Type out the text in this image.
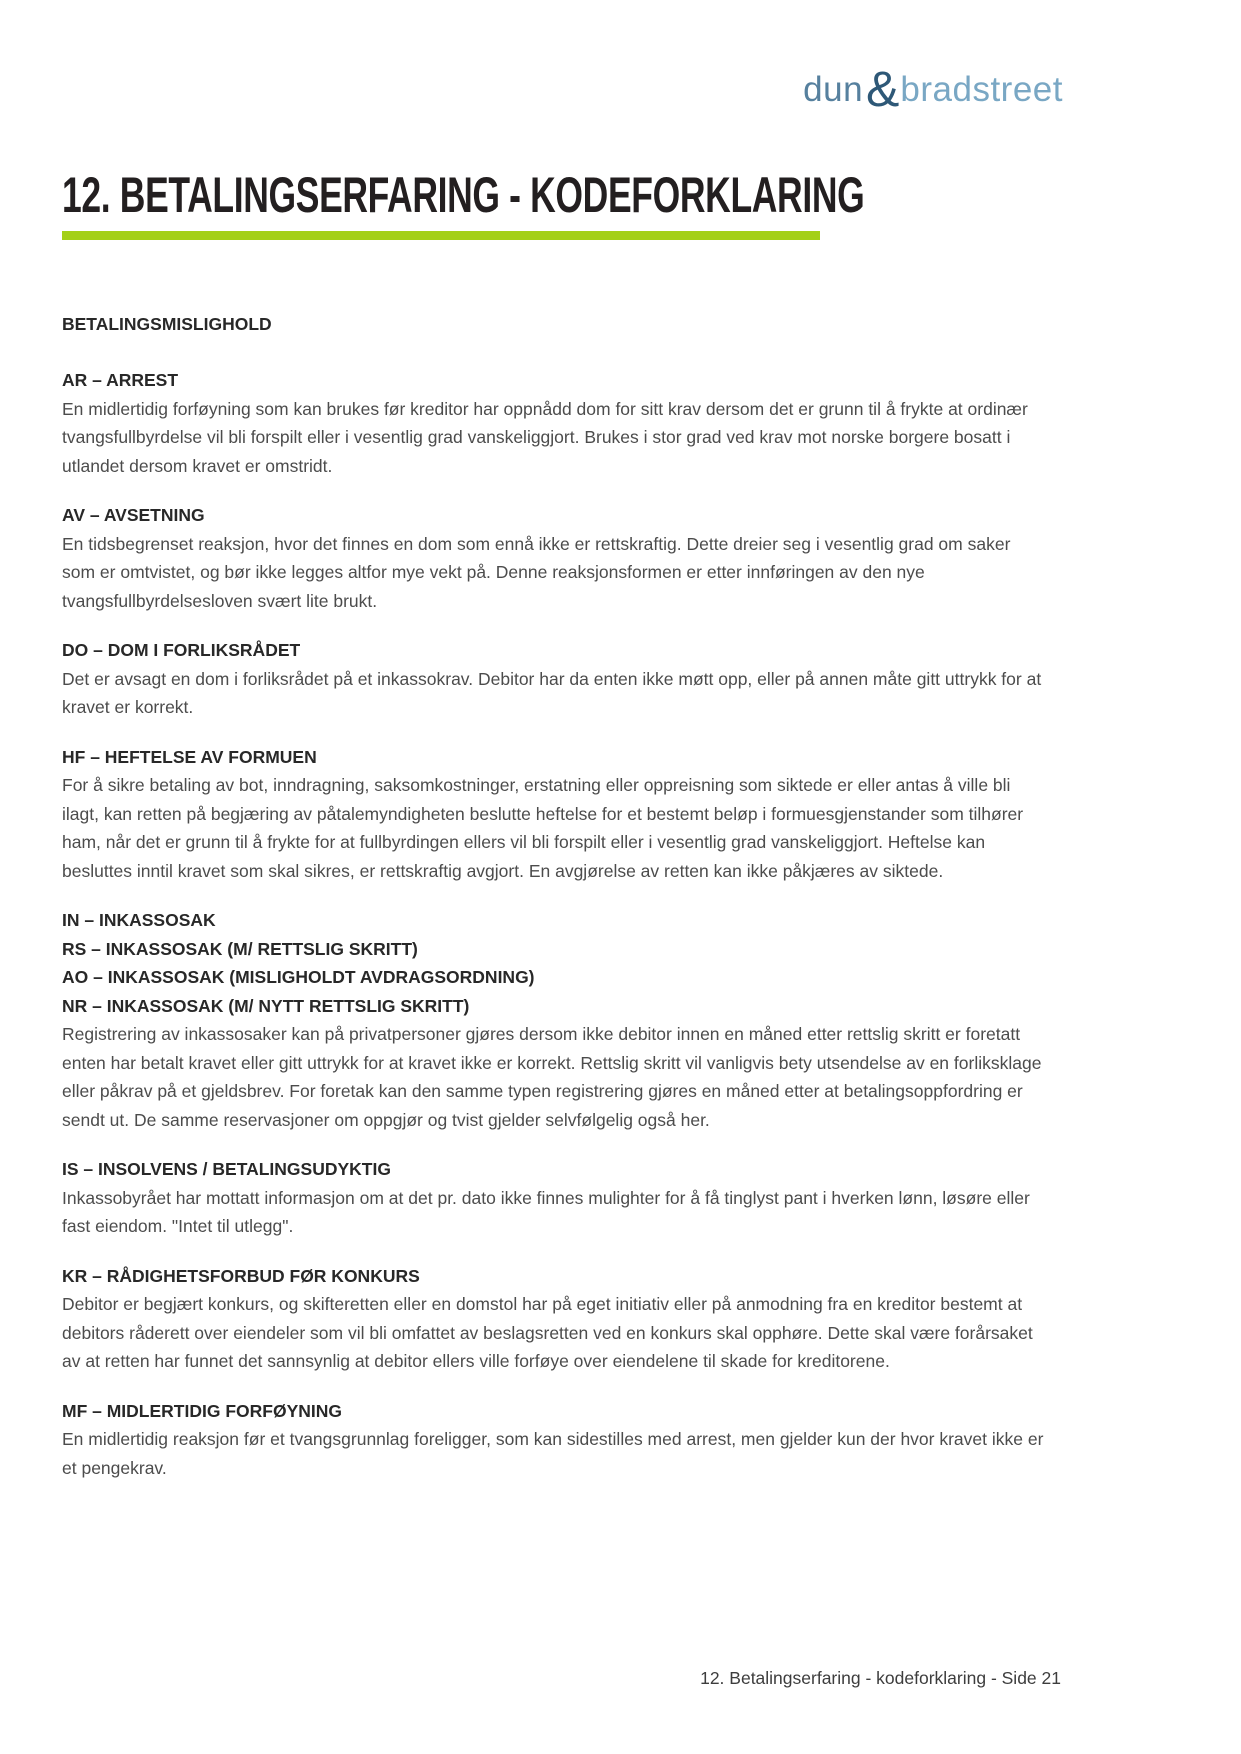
dun & bradstreet
12. BETALINGSERFARING - KODEFORKLARING
BETALINGSMISLIGHOLD
AR – ARREST

En midlertidig forføyning som kan brukes før kreditor har oppnådd dom for sitt krav dersom det er grunn til å frykte at ordinær tvangsfullbyrdelse vil bli forspilt eller i vesentlig grad vanskeliggjort. Brukes i stor grad ved krav mot norske borgere bosatt i utlandet dersom kravet er omstridt.

AV – AVSETNING

En tidsbegrenset reaksjon, hvor det finnes en dom som ennå ikke er rettskraftig. Dette dreier seg i vesentlig grad om saker som er omtvistet, og bør ikke legges altfor mye vekt på. Denne reaksjonsformen er etter innføringen av den nye tvangsfullbyrdelsesloven svært lite brukt.

DO – DOM I FORLIKSRÅDET

Det er avsagt en dom i forliksrådet på et inkassokrav. Debitor har da enten ikke møtt opp, eller på annen måte gitt uttrykk for at kravet er korrekt.

HF – HEFTELSE AV FORMUEN

For å sikre betaling av bot, inndragning, saksomkostninger, erstatning eller oppreisning som siktede er eller antas å ville bli ilagt, kan retten på begjæring av påtalemyndigheten beslutte heftelse for et bestemt beløp i formuesgjenstander som tilhører ham, når det er grunn til å frykte for at fullbyrdingen ellers vil bli forspilt eller i vesentlig grad vanskeliggjort. Heftelse kan besluttes inntil kravet som skal sikres, er rettskraftig avgjort. En avgjørelse av retten kan ikke påkjæres av siktede.

IN – INKASSOSAK
RS – INKASSOSAK (M/ RETTSLIG SKRITT)
AO – INKASSOSAK (MISLIGHOLDT AVDRAGSORDNING)
NR – INKASSOSAK (M/ NYTT RETTSLIG SKRITT)

Registrering av inkassosaker kan på privatpersoner gjøres dersom ikke debitor innen en måned etter rettslig skritt er foretatt enten har betalt kravet eller gitt uttrykk for at kravet ikke er korrekt. Rettslig skritt vil vanligvis bety utsendelse av en forliksklage eller påkrav på et gjeldsbrev. For foretak kan den samme typen registrering gjøres en måned etter at betalingsoppfordring er sendt ut. De samme reservasjoner om oppgjør og tvist gjelder selvfølgelig også her.

IS – INSOLVENS / BETALINGSUDYKTIG

Inkassobyrået har mottatt informasjon om at det pr. dato ikke finnes mulighter for å få tinglyst pant i hverken lønn, løsøre eller fast eiendom. "Intet til utlegg".

KR – RÅDIGHETSFORBUD FØR KONKURS

Debitor er begjært konkurs, og skifteretten eller en domstol har på eget initiativ eller på anmodning fra en kreditor bestemt at debitors råderett over eiendeler som vil bli omfattet av beslagsretten ved en konkurs skal opphøre. Dette skal være forårsaket av at retten har funnet det sannsynlig at debitor ellers ville forføye over eiendelene til skade for kreditorene.

MF – MIDLERTIDIG FORFØYNING

En midlertidig reaksjon før et tvangsgrunnlag foreligger, som kan sidestilles med arrest, men gjelder kun der hvor kravet ikke er et pengekrav.

12. Betalingserfaring - kodeforklaring - Side 21
